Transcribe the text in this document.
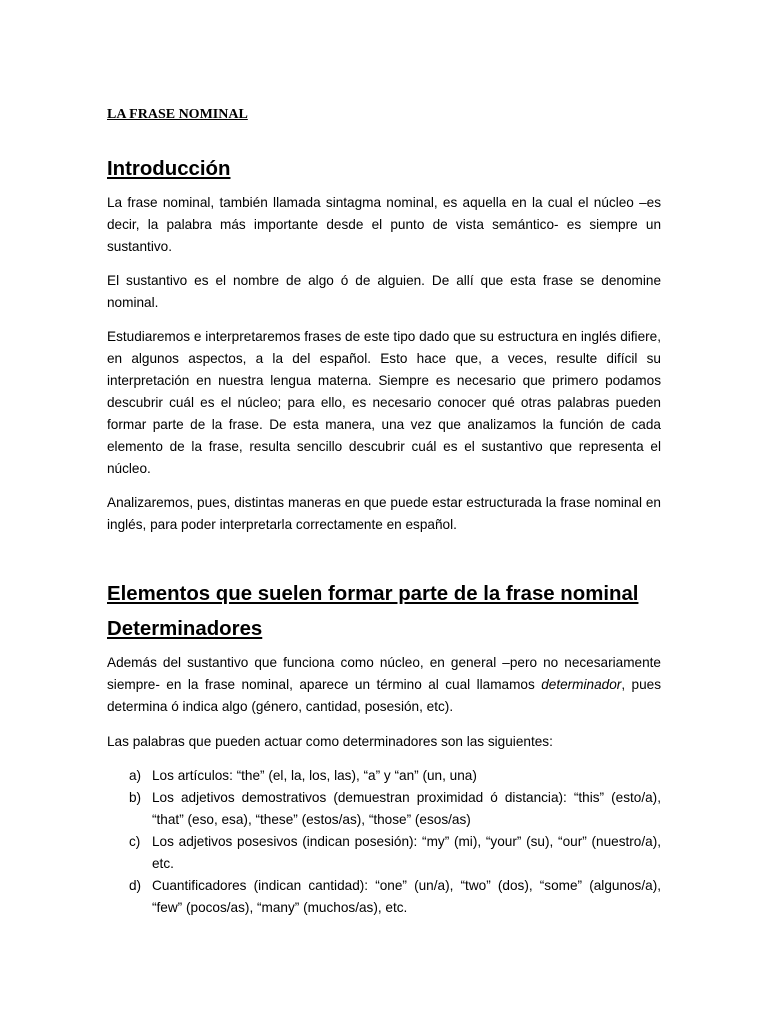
LA FRASE NOMINAL
Introducción

La frase nominal, también llamada sintagma nominal, es aquella en la cual el núcleo –es decir, la palabra más importante desde el punto de vista semántico- es siempre un sustantivo.

El sustantivo es el nombre de algo ó de alguien. De allí que esta frase se denomine nominal.

Estudiaremos e interpretaremos frases de este tipo dado que su estructura en inglés difiere, en algunos aspectos, a la del español. Esto hace que, a veces, resulte difícil su interpretación en nuestra lengua materna. Siempre es necesario que primero podamos descubrir cuál es el núcleo; para ello, es necesario conocer qué otras palabras pueden formar parte de la frase. De esta manera, una vez que analizamos la función de cada elemento de la frase, resulta sencillo descubrir cuál es el sustantivo que representa el núcleo.

Analizaremos, pues, distintas maneras en que puede estar estructurada la frase nominal en inglés, para poder interpretarla correctamente en español.

Elementos que suelen formar parte de la frase nominal
Determinadores

Además del sustantivo que funciona como núcleo, en general –pero no necesariamente siempre- en la frase nominal, aparece un término al cual llamamos determinador, pues determina ó indica algo (género, cantidad, posesión, etc).

Las palabras que pueden actuar como determinadores son las siguientes:

a) Los artículos: “the” (el, la, los, las), “a” y “an” (un, una)
b) Los adjetivos demostrativos (demuestran proximidad ó distancia): “this” (esto/a), “that” (eso, esa), “these” (estos/as), “those” (esos/as)
c) Los adjetivos posesivos (indican posesión): “my” (mi), “your” (su), “our” (nuestro/a), etc.
d) Cuantificadores (indican cantidad): “one” (un/a), “two” (dos), “some” (algunos/a), “few” (pocos/as), “many” (muchos/as), etc.
